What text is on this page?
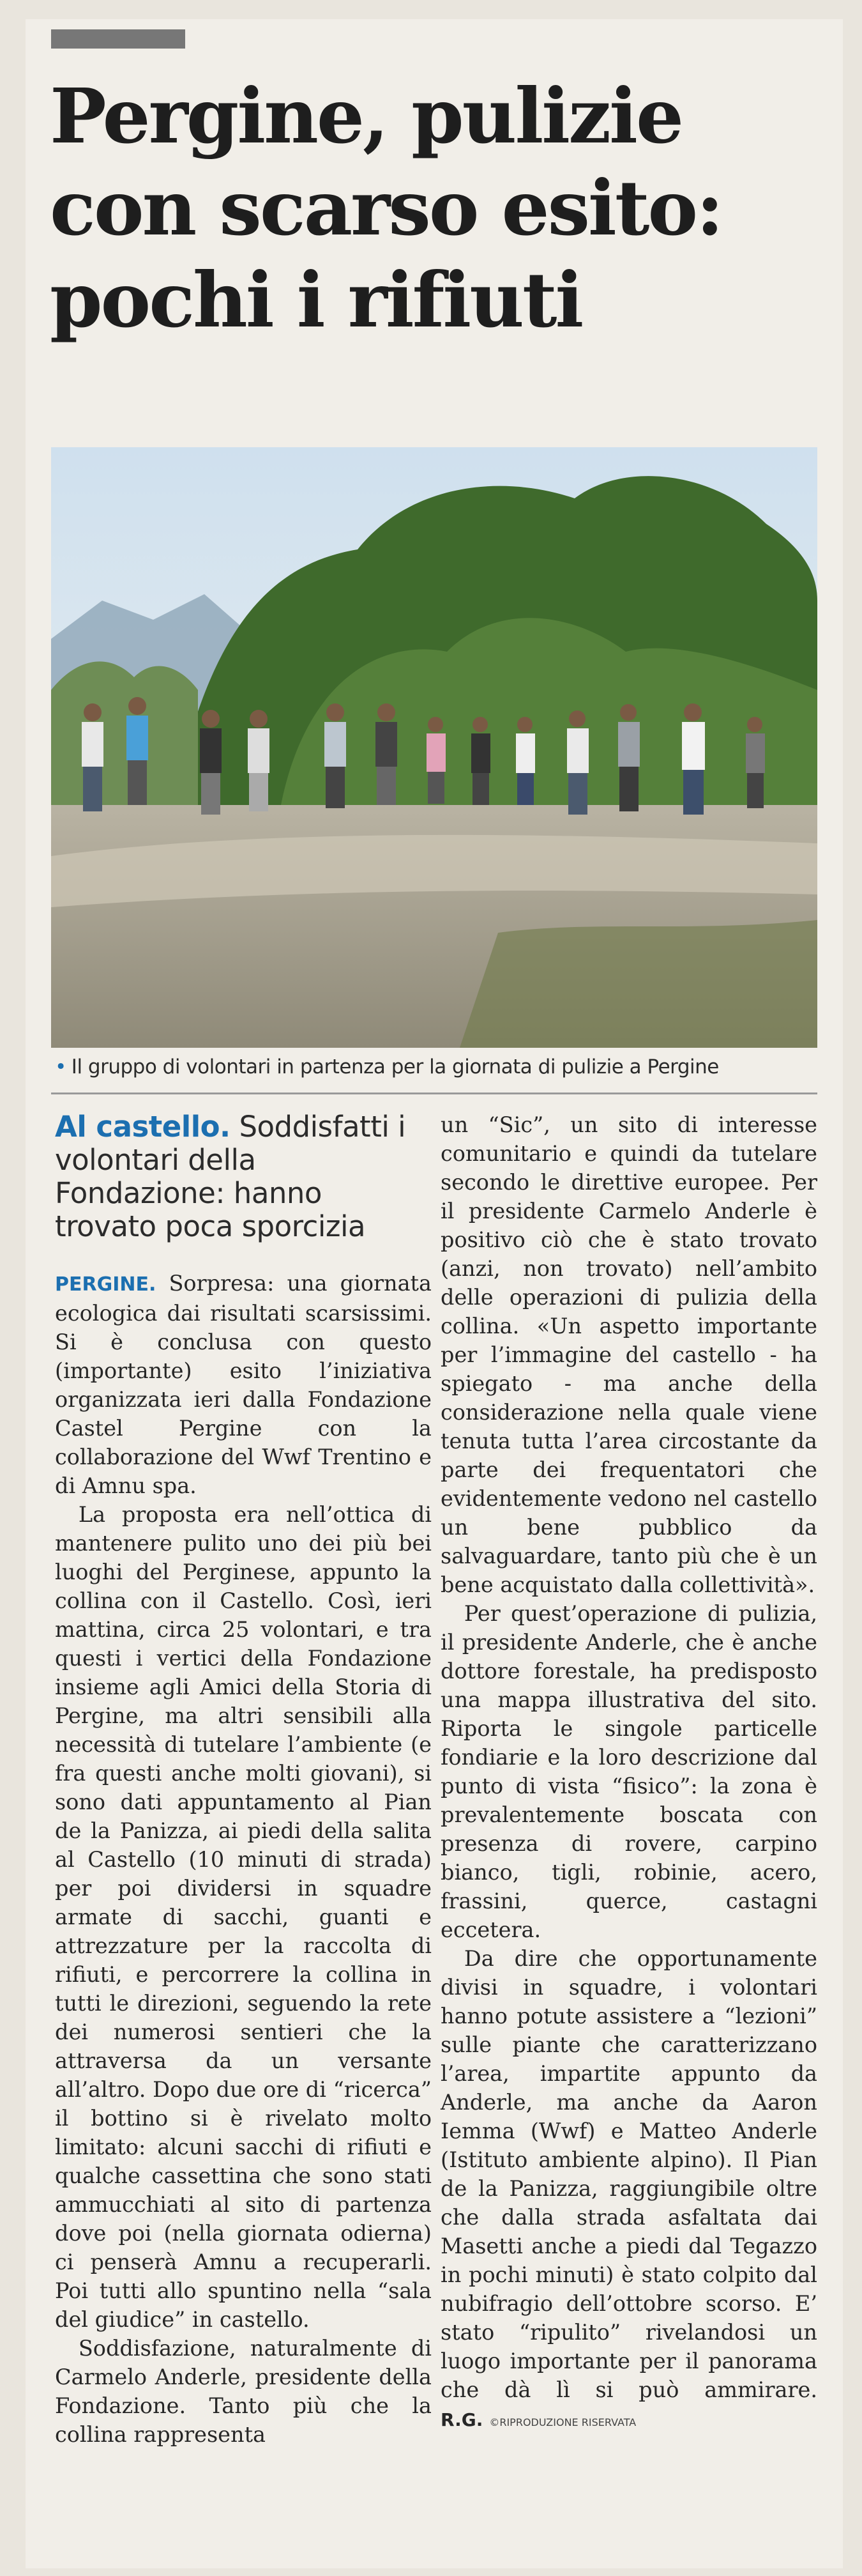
Pergine, pulizie
con scarso esito:
pochi i rifiuti
• Il gruppo di volontari in partenza per la giornata di pulizie a Pergine
Al castello. Soddisfatti i volontari della Fondazione: hanno trovato poca sporcizia

PERGINE. Sorpresa: una giornata ecologica dai risultati scarsissimi. Si è conclusa con questo (importante) esito l’iniziativa organizzata ieri dalla Fondazione Castel Pergine con la collaborazione del Wwf Trentino e di Amnu spa.

La proposta era nell’ottica di mantenere pulito uno dei più bei luoghi del Perginese, appunto la collina con il Castello. Così, ieri mattina, circa 25 volontari, e tra questi i vertici della Fondazione insieme agli Amici della Storia di Pergine, ma altri sensibili alla necessità di tutelare l’ambiente (e fra questi anche molti giovani), si sono dati appuntamento al Pian de la Panizza, ai piedi della salita al Castello (10 minuti di strada) per poi dividersi in squadre armate di sacchi, guanti e attrezzature per la raccolta di rifiuti, e percorrere la collina in tutti le direzioni, seguendo la rete dei numerosi sentieri che la attraversa da un versante all’altro. Dopo due ore di “ricerca” il bottino si è rivelato molto limitato: alcuni sacchi di rifiuti e qualche cassettina che sono stati ammucchiati al sito di partenza dove poi (nella giornata odierna) ci penserà Amnu a recuperarli. Poi tutti allo spuntino nella “sala del giudice” in castello.

Soddisfazione, naturalmente di Carmelo Anderle, presidente della Fondazione. Tanto più che la collina rappresenta

un “Sic”, un sito di interesse comunitario e quindi da tutelare secondo le direttive europee. Per il presidente Carmelo Anderle è positivo ciò che è stato trovato (anzi, non trovato) nell’ambito delle operazioni di pulizia della collina. «Un aspetto importante per l’immagine del castello - ha spiegato - ma anche della considerazione nella quale viene tenuta tutta l’area circostante da parte dei frequentatori che evidentemente vedono nel castello un bene pubblico da salvaguardare, tanto più che è un bene acquistato dalla collettività».

Per quest’operazione di pulizia, il presidente Anderle, che è anche dottore forestale, ha predisposto una mappa illustrativa del sito. Riporta le singole particelle fondiarie e la loro descrizione dal punto di vista “fisico”: la zona è prevalentemente boscata con presenza di rovere, carpino bianco, tigli, robinie, acero, frassini, querce, castagni eccetera.

Da dire che opportunamente divisi in squadre, i volontari hanno potute assistere a “lezioni” sulle piante che caratterizzano l’area, impartite appunto da Anderle, ma anche da Aaron Iemma (Wwf) e Matteo Anderle (Istituto ambiente alpino). Il Pian de la Panizza, raggiungibile oltre che dalla strada asfaltata dai Masetti anche a piedi dal Tegazzo in pochi minuti) è stato colpito dal nubifragio dell’ottobre scorso. E’ stato “ripulito” rivelandosi un luogo importante per il panorama che dà lì si può ammirare. R.G. ©RIPRODUZIONE RISERVATA
